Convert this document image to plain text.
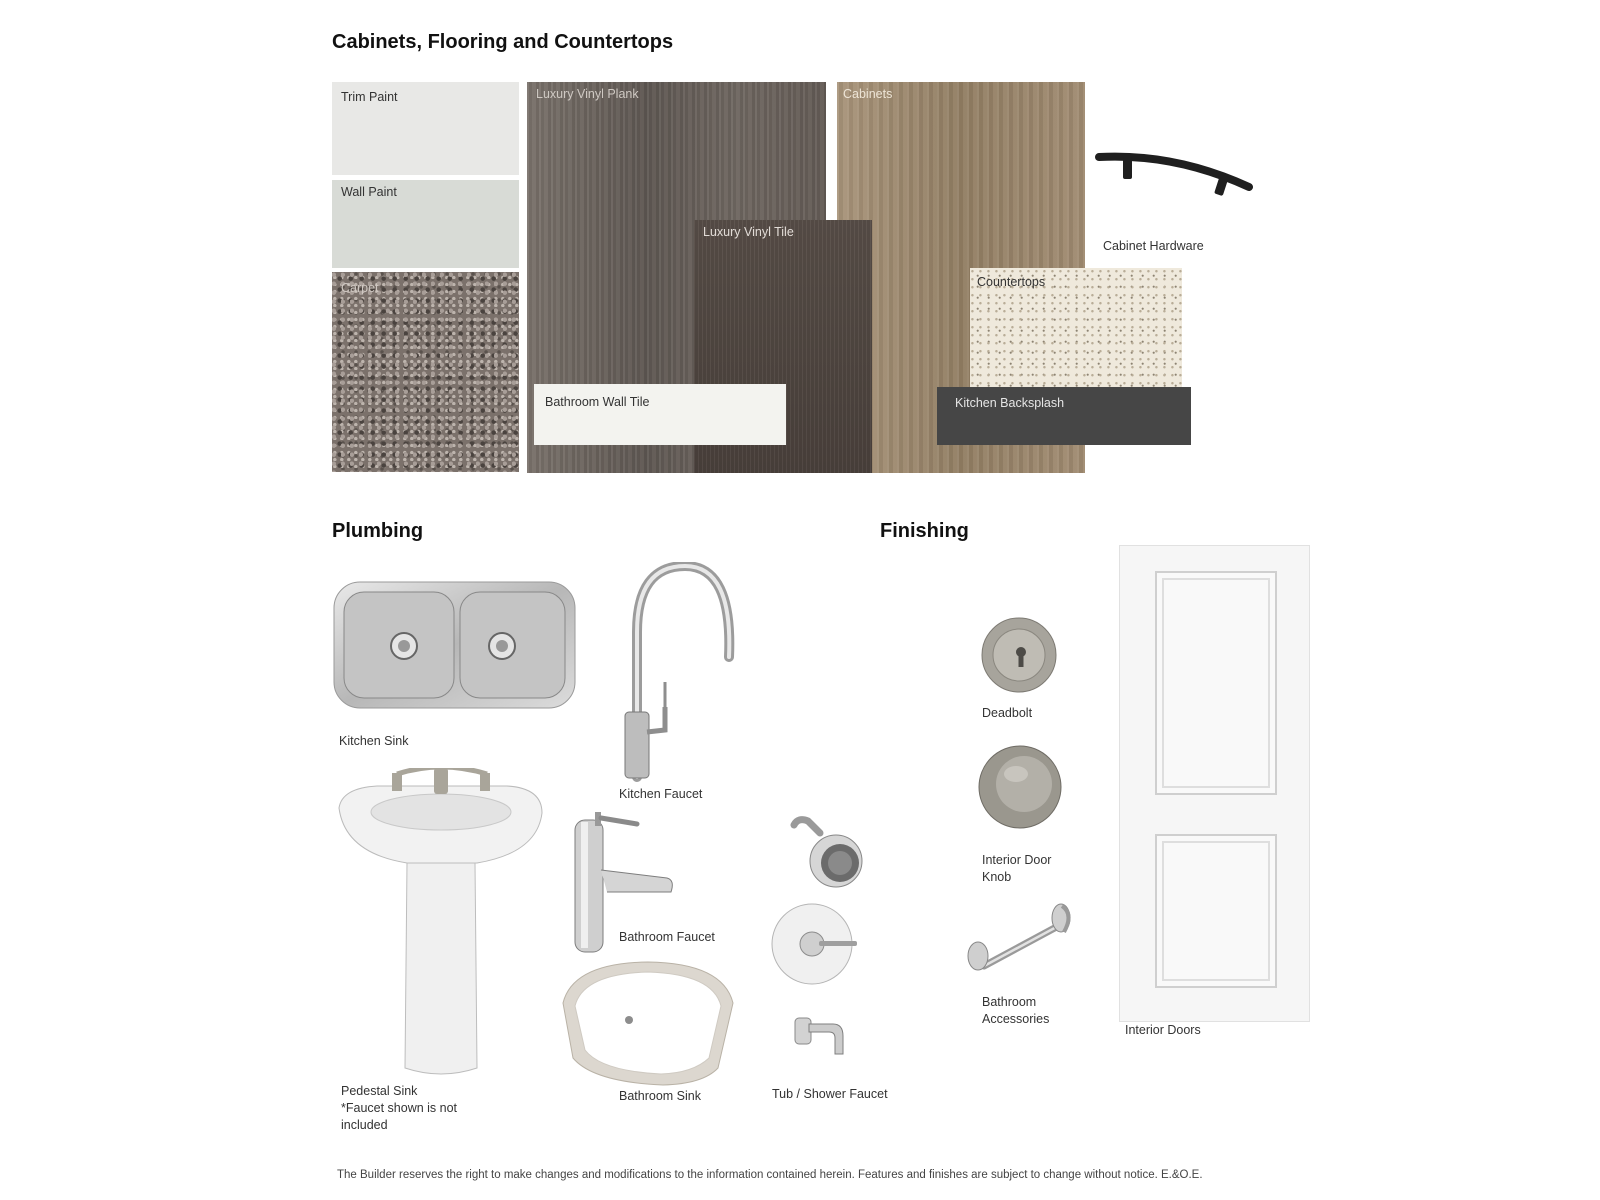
Cabinets, Flooring and Countertops
Trim Paint
Wall Paint
Carpet
Luxury Vinyl Plank	Cabinets
Luxury Vinyl Tile
Countertops
Bathroom Wall Tile	Kitchen Backsplash
Cabinet Hardware
Plumbing
Kitchen Sink
Kitchen Faucet
Pedestal Sink
*Faucet shown is not
included
Bathroom Faucet
Bathroom Sink	Tub / Shower Faucet
Finishing
Deadbolt
Interior Door
Knob
Bathroom
Accessories
Interior Doors
The Builder reserves the right to make changes and modifications to the information contained herein. Features and finishes are subject to change without notice. E.&O.E.
